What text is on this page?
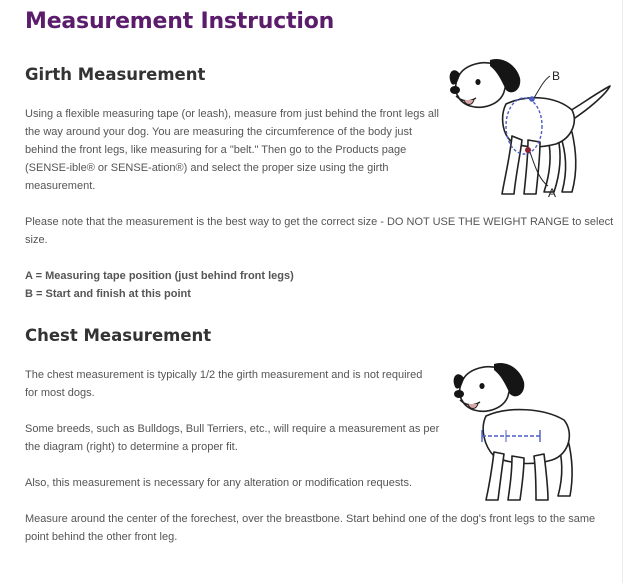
Measurement Instruction
Girth Measurement

Using a flexible measuring tape (or leash), measure from just behind the front legs all
the way around your dog. You are measuring the circumference of the body just
behind the front legs, like measuring for a "belt." Then go to the Products page
(SENSE-ible® or SENSE-ation®) and select the proper size using the girth
measurement.

Please note that the measurement is the best way to get the correct size - DO NOT USE THE WEIGHT RANGE to select
size.

A = Measuring tape position (just behind front legs)
B = Start and finish at this point

B
A
Chest Measurement

The chest measurement is typically 1/2 the girth measurement and is not required
for most dogs.

Some breeds, such as Bulldogs, Bull Terriers, etc., will require a measurement as per
the diagram (right) to determine a proper fit.

Also, this measurement is necessary for any alteration or modification requests.

Measure around the center of the forechest, over the breastbone. Start behind one of the dog's front legs to the same
point behind the other front leg.
